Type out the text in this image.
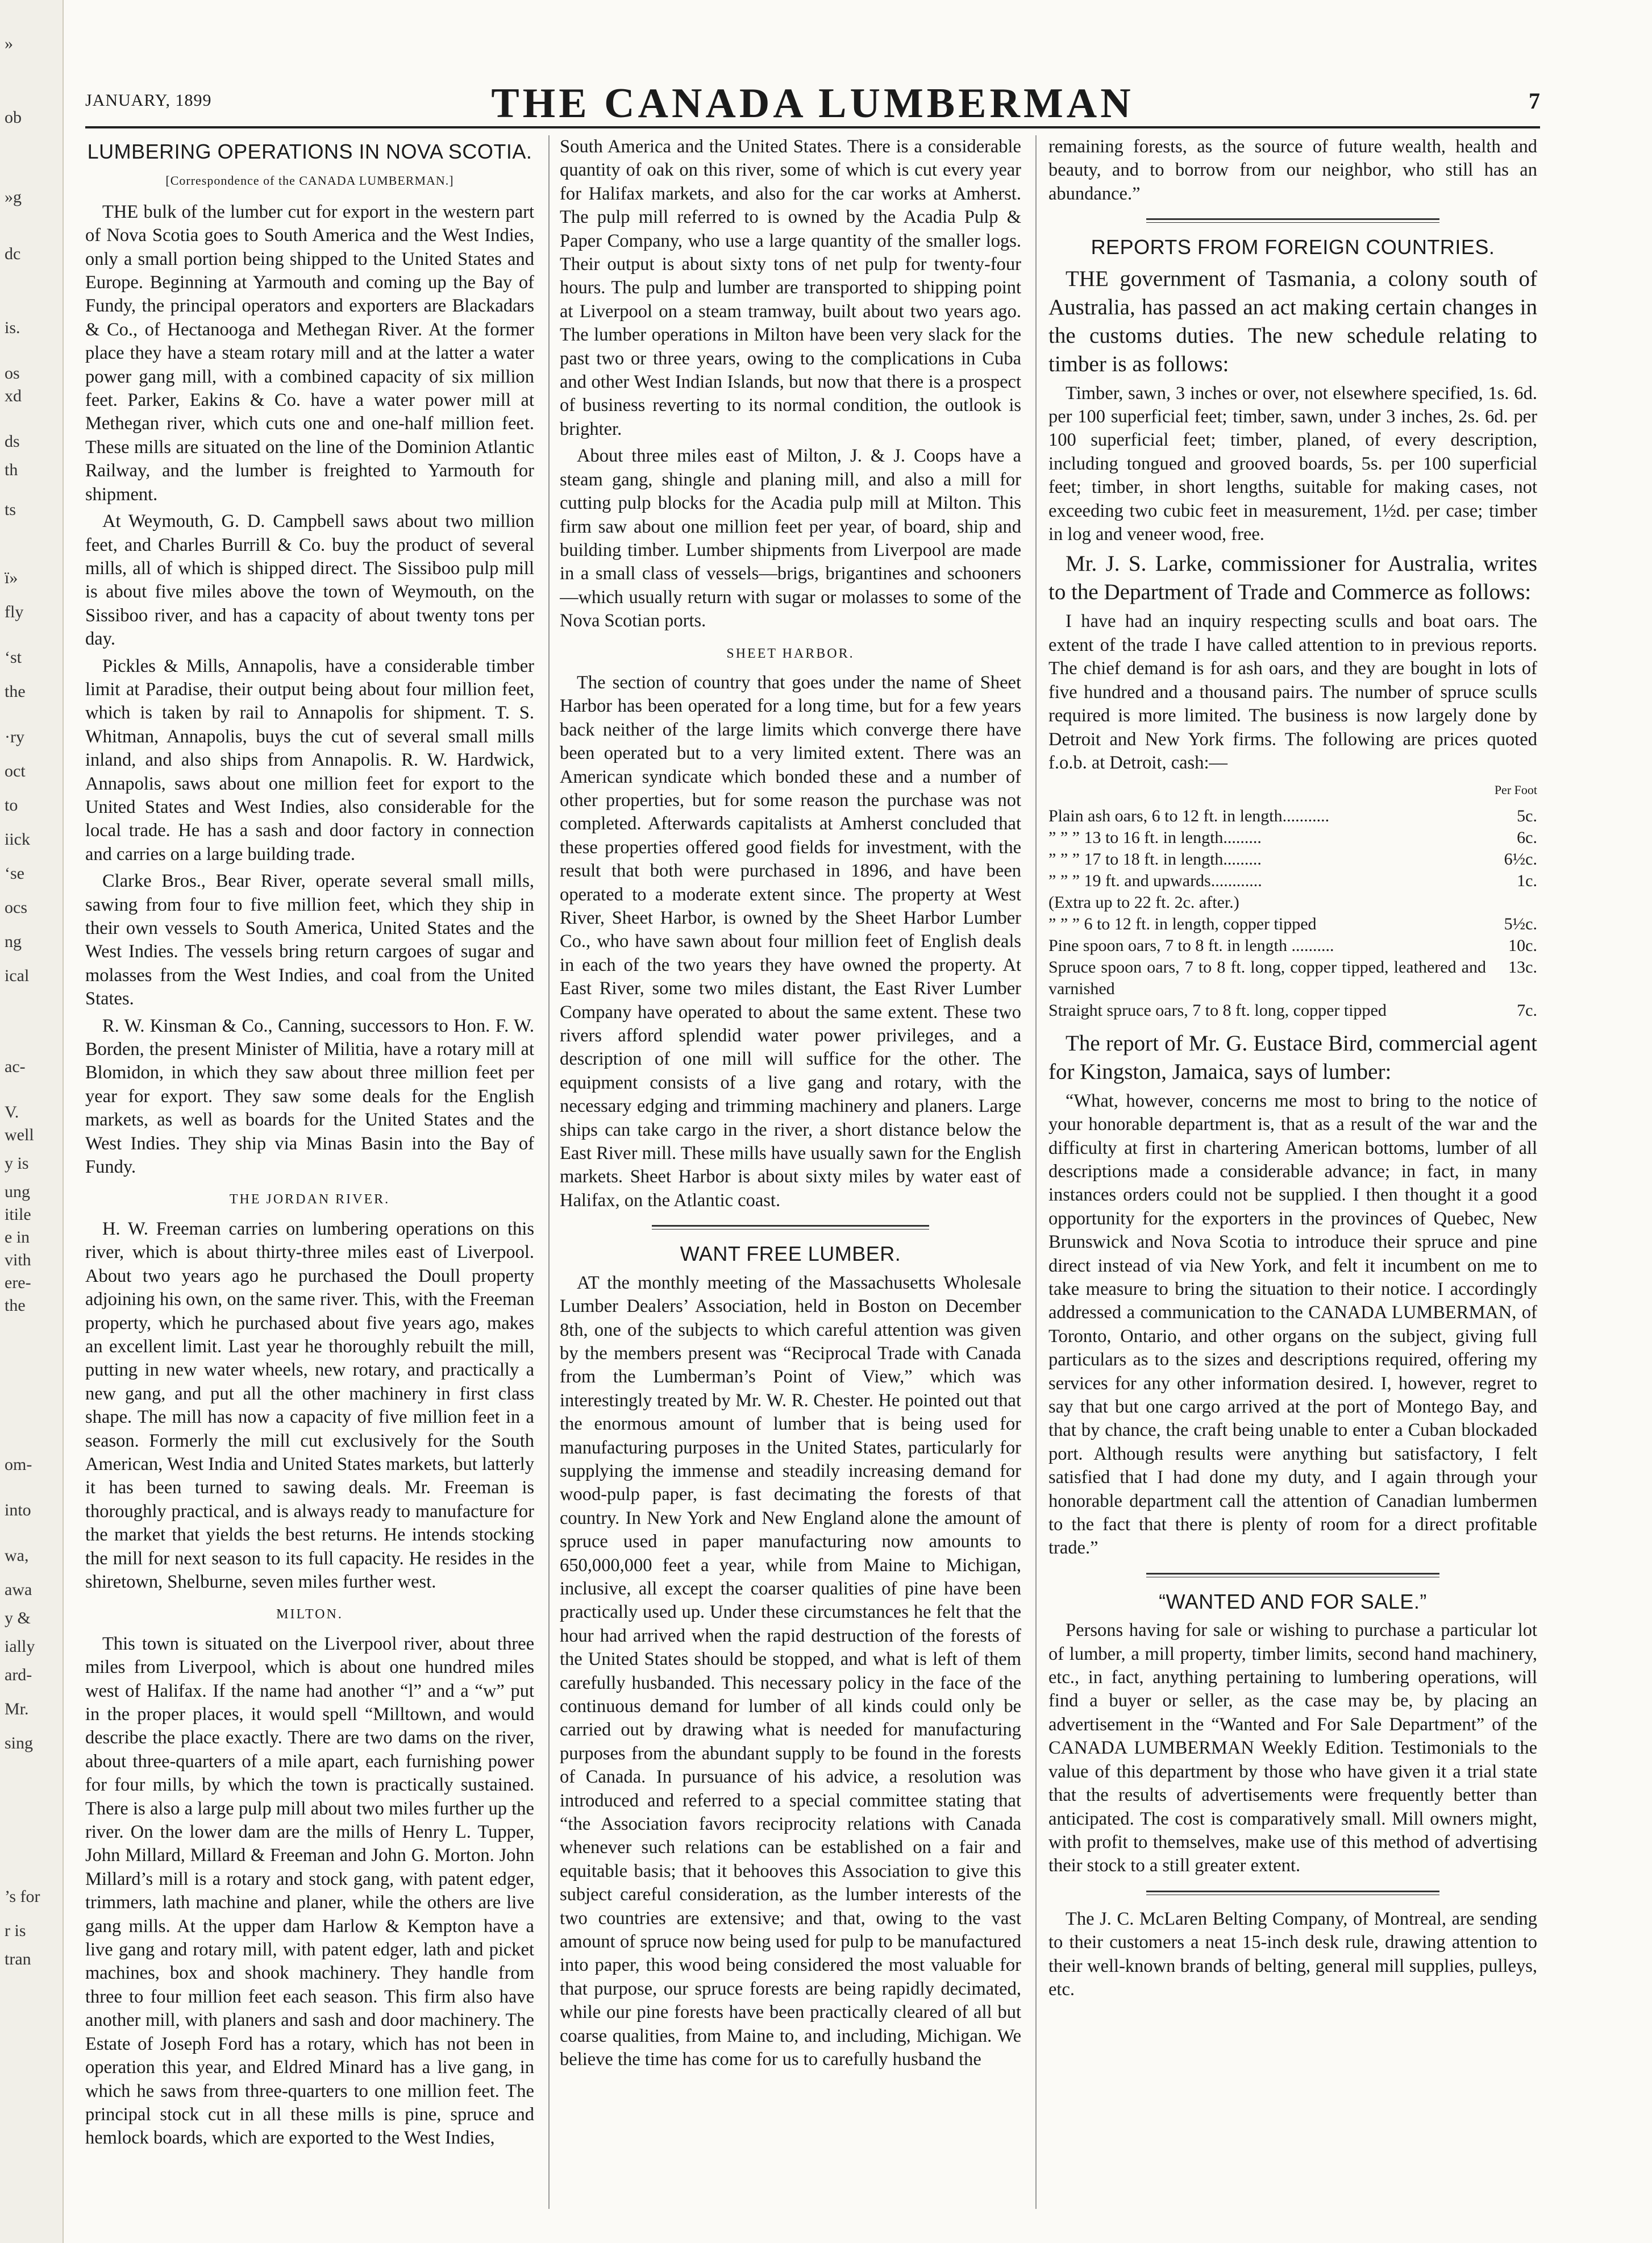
»
ob
»g
dc
is.
os
xd
ds
th
ts
ï»
fly
‘st
the
·ry
oct
to
iick
‘se
ocs
ng
ical
ac-
V.
well
y is
ung
itile
e in
vith
ere-
the
om-
into
wa,
awa
y &
ially
ard-
Mr.
sing
’s for
r is
tran
JANUARY, 1899	THE CANADA LUMBERMAN	7
LUMBERING OPERATIONS IN NOVA SCOTIA.
[Correspondence of the CANADA LUMBERMAN.]

THE bulk of the lumber cut for export in the western part of Nova Scotia goes to South America and the West Indies, only a small portion being shipped to the United States and Europe. Beginning at Yarmouth and coming up the Bay of Fundy, the principal operators and exporters are Blackadars & Co., of Hectanooga and Methegan River. At the former place they have a steam rotary mill and at the latter a water power gang mill, with a combined capacity of six million feet. Parker, Eakins & Co. have a water power mill at Methegan river, which cuts one and one-half million feet. These mills are situated on the line of the Dominion Atlantic Railway, and the lumber is freighted to Yarmouth for shipment.

At Weymouth, G. D. Campbell saws about two million feet, and Charles Burrill & Co. buy the product of several mills, all of which is shipped direct. The Sissiboo pulp mill is about five miles above the town of Weymouth, on the Sissiboo river, and has a capacity of about twenty tons per day.

Pickles & Mills, Annapolis, have a considerable timber limit at Paradise, their output being about four million feet, which is taken by rail to Annapolis for shipment. T. S. Whitman, Annapolis, buys the cut of several small mills inland, and also ships from Annapolis. R. W. Hardwick, Annapolis, saws about one million feet for export to the United States and West Indies, also considerable for the local trade. He has a sash and door factory in connection and carries on a large building trade.

Clarke Bros., Bear River, operate several small mills, sawing from four to five million feet, which they ship in their own vessels to South America, United States and the West Indies. The vessels bring return cargoes of sugar and molasses from the West Indies, and coal from the United States.

R. W. Kinsman & Co., Canning, successors to Hon. F. W. Borden, the present Minister of Militia, have a rotary mill at Blomidon, in which they saw about three million feet per year for export. They saw some deals for the English markets, as well as boards for the United States and the West Indies. They ship via Minas Basin into the Bay of Fundy.

THE JORDAN RIVER.

H. W. Freeman carries on lumbering operations on this river, which is about thirty-three miles east of Liverpool. About two years ago he purchased the Doull property adjoining his own, on the same river. This, with the Freeman property, which he purchased about five years ago, makes an excellent limit. Last year he thoroughly rebuilt the mill, putting in new water wheels, new rotary, and practically a new gang, and put all the other machinery in first class shape. The mill has now a capacity of five million feet in a season. Formerly the mill cut exclusively for the South American, West India and United States markets, but latterly it has been turned to sawing deals. Mr. Freeman is thoroughly practical, and is always ready to manufacture for the market that yields the best returns. He intends stocking the mill for next season to its full capacity. He resides in the shiretown, Shelburne, seven miles further west.

MILTON.

This town is situated on the Liverpool river, about three miles from Liverpool, which is about one hundred miles west of Halifax. If the name had another “l” and a “w” put in the proper places, it would spell “Milltown, and would describe the place exactly. There are two dams on the river, about three-quarters of a mile apart, each furnishing power for four mills, by which the town is practically sustained. There is also a large pulp mill about two miles further up the river. On the lower dam are the mills of Henry L. Tupper, John Millard, Millard & Freeman and John G. Morton. John Millard’s mill is a rotary and stock gang, with patent edger, trimmers, lath machine and planer, while the others are live gang mills. At the upper dam Harlow & Kempton have a live gang and rotary mill, with patent edger, lath and picket machines, box and shook machinery. They handle from three to four million feet each season. This firm also have another mill, with planers and sash and door machinery. The Estate of Joseph Ford has a rotary, which has not been in operation this year, and Eldred Minard has a live gang, in which he saws from three-quarters to one million feet. The principal stock cut in all these mills is pine, spruce and hemlock boards, which are exported to the West Indies,

South America and the United States. There is a considerable quantity of oak on this river, some of which is cut every year for Halifax markets, and also for the car works at Amherst. The pulp mill referred to is owned by the Acadia Pulp & Paper Company, who use a large quantity of the smaller logs. Their output is about sixty tons of net pulp for twenty-four hours. The pulp and lumber are transported to shipping point at Liverpool on a steam tramway, built about two years ago. The lumber operations in Milton have been very slack for the past two or three years, owing to the complications in Cuba and other West Indian Islands, but now that there is a prospect of business reverting to its normal condition, the outlook is brighter.

About three miles east of Milton, J. & J. Coops have a steam gang, shingle and planing mill, and also a mill for cutting pulp blocks for the Acadia pulp mill at Milton. This firm saw about one million feet per year, of board, ship and building timber. Lumber shipments from Liverpool are made in a small class of vessels—brigs, brigantines and schooners—which usually return with sugar or molasses to some of the Nova Scotian ports.

SHEET HARBOR.

The section of country that goes under the name of Sheet Harbor has been operated for a long time, but for a few years back neither of the large limits which converge there have been operated but to a very limited extent. There was an American syndicate which bonded these and a number of other properties, but for some reason the purchase was not completed. Afterwards capitalists at Amherst concluded that these properties offered good fields for investment, with the result that both were purchased in 1896, and have been operated to a moderate extent since. The property at West River, Sheet Harbor, is owned by the Sheet Harbor Lumber Co., who have sawn about four million feet of English deals in each of the two years they have owned the property. At East River, some two miles distant, the East River Lumber Company have operated to about the same extent. These two rivers afford splendid water power privileges, and a description of one mill will suffice for the other. The equipment consists of a live gang and rotary, with the necessary edging and trimming machinery and planers. Large ships can take cargo in the river, a short distance below the East River mill. These mills have usually sawn for the English markets. Sheet Harbor is about sixty miles by water east of Halifax, on the Atlantic coast.

WANT FREE LUMBER.

AT the monthly meeting of the Massachusetts Wholesale Lumber Dealers’ Association, held in Boston on December 8th, one of the subjects to which careful attention was given by the members present was “Reciprocal Trade with Canada from the Lumberman’s Point of View,” which was interestingly treated by Mr. W. R. Chester. He pointed out that the enormous amount of lumber that is being used for manufacturing purposes in the United States, particularly for supplying the immense and steadily increasing demand for wood-pulp paper, is fast decimating the forests of that country. In New York and New England alone the amount of spruce used in paper manufacturing now amounts to 650,000,000 feet a year, while from Maine to Michigan, inclusive, all except the coarser qualities of pine have been practically used up. Under these circumstances he felt that the hour had arrived when the rapid destruction of the forests of the United States should be stopped, and what is left of them carefully husbanded. This necessary policy in the face of the continuous demand for lumber of all kinds could only be carried out by drawing what is needed for manufacturing purposes from the abundant supply to be found in the forests of Canada. In pursuance of his advice, a resolution was introduced and referred to a special committee stating that “the Association favors reciprocity relations with Canada whenever such relations can be established on a fair and equitable basis; that it behooves this Association to give this subject careful consideration, as the lumber interests of the two countries are extensive; and that, owing to the vast amount of spruce now being used for pulp to be manufactured into paper, this wood being considered the most valuable for that purpose, our spruce forests are being rapidly decimated, while our pine forests have been practically cleared of all but coarse qualities, from Maine to, and including, Michigan. We believe the time has come for us to carefully husband the

remaining forests, as the source of future wealth, health and beauty, and to borrow from our neighbor, who still has an abundance.”

REPORTS FROM FOREIGN COUNTRIES.

THE government of Tasmania, a colony south of Australia, has passed an act making certain changes in the customs duties. The new schedule relating to timber is as follows:

Timber, sawn, 3 inches or over, not elsewhere specified, 1s. 6d. per 100 superficial feet; timber, sawn, under 3 inches, 2s. 6d. per 100 superficial feet; timber, planed, of every description, including tongued and grooved boards, 5s. per 100 superficial feet; timber, in short lengths, suitable for making cases, not exceeding two cubic feet in measurement, 1½d. per case; timber in log and veneer wood, free.

Mr. J. S. Larke, commissioner for Australia, writes to the Department of Trade and Commerce as follows:

I have had an inquiry respecting sculls and boat oars. The extent of the trade I have called attention to in previous reports. The chief demand is for ash oars, and they are bought in lots of five hundred and a thousand pairs. The number of spruce sculls required is more limited. The business is now largely done by Detroit and New York firms. The following are prices quoted f.o.b. at Detroit, cash:—

Per Foot
Plain ash oars, 6 to 12 ft. in length...........	5c.
” ” ” 13 to 16 ft. in length.........	6c.
” ” ” 17 to 18 ft. in length.........	6½c.
” ” ” 19 ft. and upwards............	1c.
(Extra up to 22 ft. 2c. after.)	
” ” ” 6 to 12 ft. in length, copper tipped	5½c.
Pine spoon oars, 7 to 8 ft. in length ..........	10c.
Spruce spoon oars, 7 to 8 ft. long, copper tipped, leathered and varnished	13c.
Straight spruce oars, 7 to 8 ft. long, copper tipped	7c.

The report of Mr. G. Eustace Bird, commercial agent for Kingston, Jamaica, says of lumber:

“What, however, concerns me most to bring to the notice of your honorable department is, that as a result of the war and the difficulty at first in chartering American bottoms, lumber of all descriptions made a considerable advance; in fact, in many instances orders could not be supplied. I then thought it a good opportunity for the exporters in the provinces of Quebec, New Brunswick and Nova Scotia to introduce their spruce and pine direct instead of via New York, and felt it incumbent on me to take measure to bring the situation to their notice. I accordingly addressed a communication to the CANADA LUMBERMAN, of Toronto, Ontario, and other organs on the subject, giving full particulars as to the sizes and descriptions required, offering my services for any other information desired. I, however, regret to say that but one cargo arrived at the port of Montego Bay, and that by chance, the craft being unable to enter a Cuban blockaded port. Although results were anything but satisfactory, I felt satisfied that I had done my duty, and I again through your honorable department call the attention of Canadian lumbermen to the fact that there is plenty of room for a direct profitable trade.”

“WANTED AND FOR SALE.”

Persons having for sale or wishing to purchase a particular lot of lumber, a mill property, timber limits, second hand machinery, etc., in fact, anything pertaining to lumbering operations, will find a buyer or seller, as the case may be, by placing an advertisement in the “Wanted and For Sale Department” of the CANADA LUMBERMAN Weekly Edition. Testimonials to the value of this department by those who have given it a trial state that the results of advertisements were frequently better than anticipated. The cost is comparatively small. Mill owners might, with profit to themselves, make use of this method of advertising their stock to a still greater extent.

The J. C. McLaren Belting Company, of Montreal, are sending to their customers a neat 15-inch desk rule, drawing attention to their well-known brands of belting, general mill supplies, pulleys, etc.
